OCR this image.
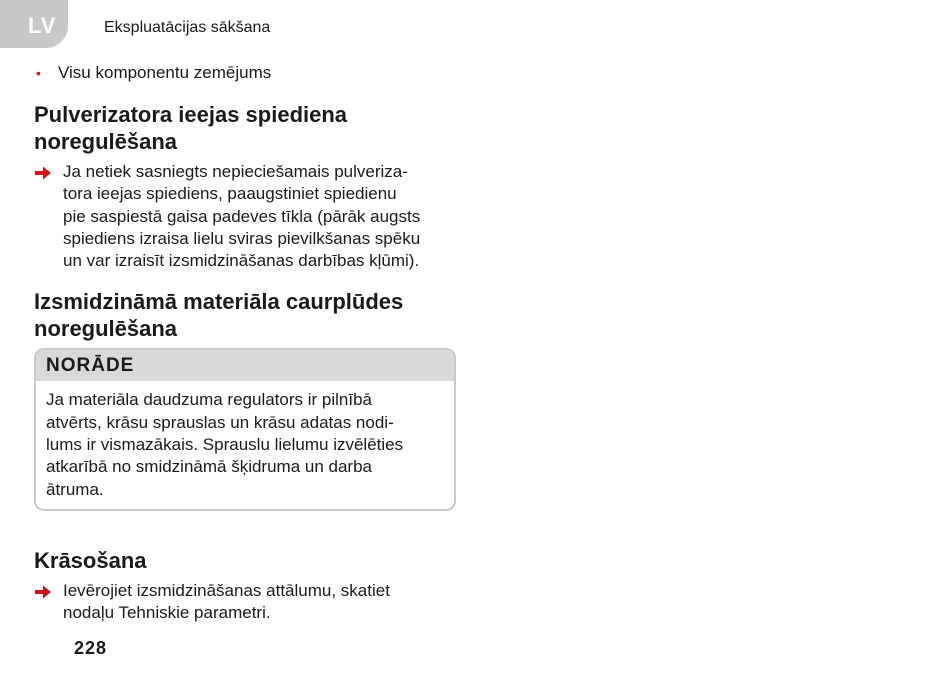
LV	Ekspluatācijas sākšana
• Visu komponentu zemējums
Pulverizatora ieejas spiediena
noregulēšana
Ja netiek sasniegts nepieciešamais pulveriza-
tora ieejas spiediens, paaugstiniet spiedienu
pie saspiestā gaisa padeves tīkla (pārāk augsts
spiediens izraisa lielu sviras pievilkšanas spēku
un var izraisīt izsmidzināšanas darbības kļūmi).
Izsmidzināmā materiāla caurplūdes
noregulēšana
NORĀDE
Ja materiāla daudzuma regulators ir pilnībā
atvērts, krāsu sprauslas un krāsu adatas nodi-
lums ir vismazākais. Sprauslu lielumu izvēlēties
atkarībā no smidzināmā šķidruma un darba
ātruma.
Krāsošana
Ievērojiet izsmidzināšanas attālumu, skatiet
nodaļu Tehniskie parametri.
228
